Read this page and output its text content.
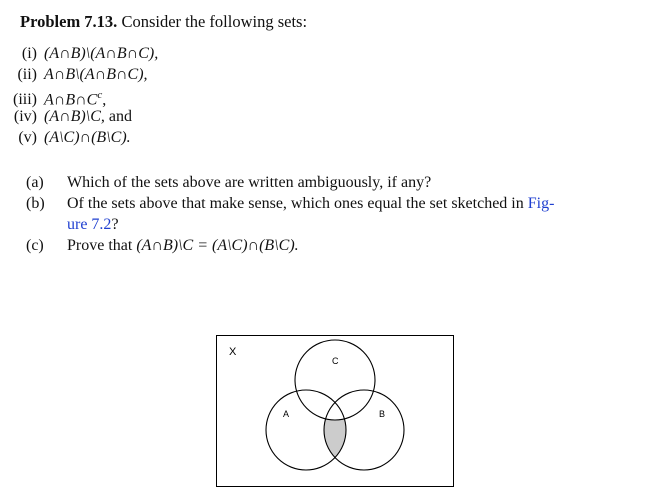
Problem 7.13. Consider the following sets:
(i) (A∩B)\(A∩B∩C),
(ii) A∩B\(A∩B∩C),
(iii) $A\cap B\cap C^c$,
(iv) (A∩B)\C, and
(v) (A\C)∩(B\C).
(a) Which of the sets above are written ambiguously, if any?
(b) Of the sets above that make sense, which ones equal the set sketched in Fig-
ure 7.2?
(c) Prove that (A∩B)\C = (A\C)∩(B\C).
X
C
A	B
